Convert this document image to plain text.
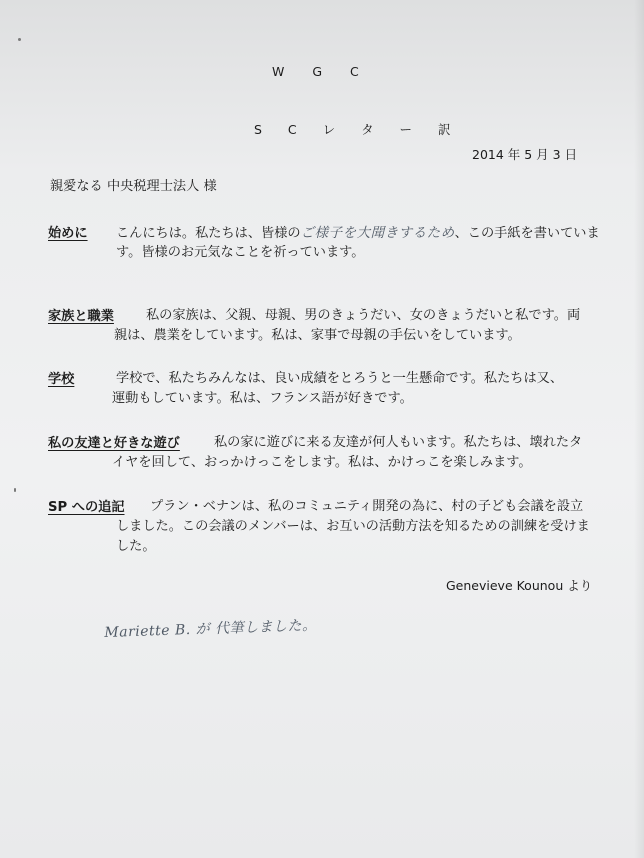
W G C
S C レ タ ー 訳
2014 年 5 月 3 日
親愛なる 中央税理士法人 様
始めに こんにちは。私たちは、皆様のご様子を大聞きするため、この手紙を書いていま
す。皆様のお元気なことを祈っています。
家族と職業 私の家族は、父親、母親、男のきょうだい、女のきょうだいと私です。両
親は、農業をしています。私は、家事で母親の手伝いをしています。
学校	学校で、私たちみんなは、良い成績をとろうと一生懸命です。私たちは又、
運動もしています。私は、フランス語が好きです。
私の友達と好きな遊び	私の家に遊びに来る友達が何人もいます。私たちは、壊れたタ
イヤを回して、おっかけっこをします。私は、かけっこを楽しみます。
SP への追記 プラン・ベナンは、私のコミュニティ開発の為に、村の子ども会議を設立
しました。この会議のメンバーは、お互いの活動方法を知るための訓練を受けま
した。
Genevieve Kounou より
Mariette B. が 代筆しました。
